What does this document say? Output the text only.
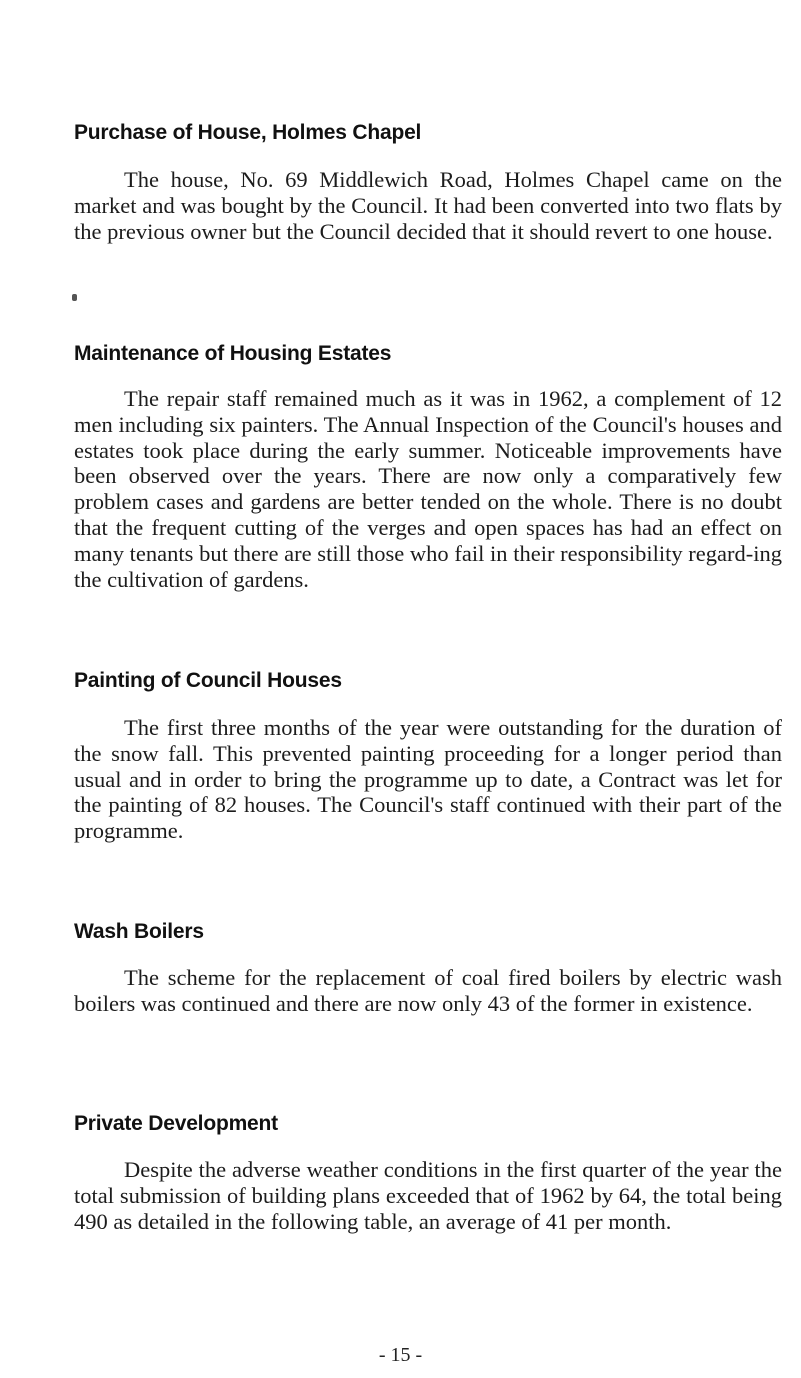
Purchase of House, Holmes Chapel
The house, No. 69 Middlewich Road, Holmes Chapel came on the market and was bought by the Council. It had been converted into two flats by the previous owner but the Council decided that it should revert to one house.
Maintenance of Housing Estates
The repair staff remained much as it was in 1962, a complement of 12 men including six painters. The Annual Inspection of the Council's houses and estates took place during the early summer. Noticeable improvements have been observed over the years. There are now only a comparatively few problem cases and gardens are better tended on the whole. There is no doubt that the frequent cutting of the verges and open spaces has had an effect on many tenants but there are still those who fail in their responsibility regard-ing the cultivation of gardens.
Painting of Council Houses
The first three months of the year were outstanding for the duration of the snow fall. This prevented painting proceeding for a longer period than usual and in order to bring the programme up to date, a Contract was let for the painting of 82 houses. The Council's staff continued with their part of the programme.
Wash Boilers
The scheme for the replacement of coal fired boilers by electric wash boilers was continued and there are now only 43 of the former in existence.
Private Development
Despite the adverse weather conditions in the first quarter of the year the total submission of building plans exceeded that of 1962 by 64, the total being 490 as detailed in the following table, an average of 41 per month.
- 15 -
